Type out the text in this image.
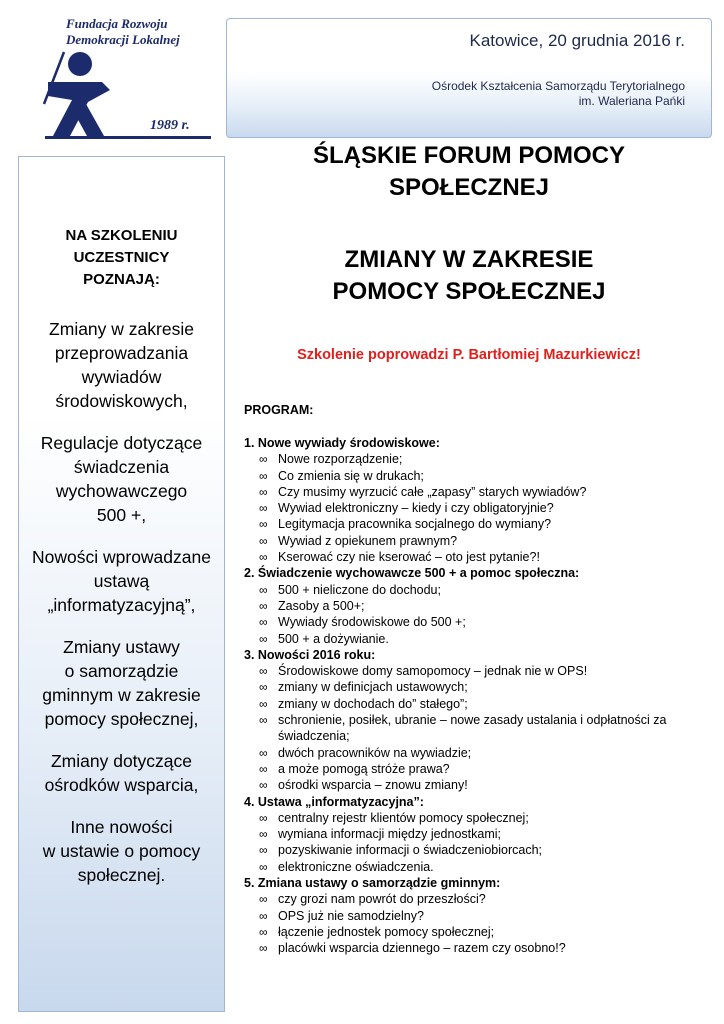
Fundacja Rozwoju
Demokracji Lokalnej
1989 r.
Katowice, 20 grudnia 2016 r.
Ośrodek Kształcenia Samorządu Terytorialnego
im. Waleriana Pańki
NA SZKOLENIU
UCZESTNICY
POZNAJĄ:
Zmiany w zakresie
przeprowadzania
wywiadów
środowiskowych,
Regulacje dotyczące
świadczenia
wychowawczego
500 +,
Nowości wprowadzane
ustawą
„informatyzacyjną”,
Zmiany ustawy
o samorządzie
gminnym w zakresie
pomocy społecznej,
Zmiany dotyczące
ośrodków wsparcia,
Inne nowości
w ustawie o pomocy
społecznej.
ŚLĄSKIE FORUM POMOCY
SPOŁECZNEJ
ZMIANY W ZAKRESIE
POMOCY SPOŁECZNEJ
Szkolenie poprowadzi P. Bartłomiej Mazurkiewicz!
PROGRAM:
1. Nowe wywiady środowiskowe:
∞ Nowe rozporządzenie;
∞ Co zmienia się w drukach;
∞ Czy musimy wyrzucić całe „zapasy” starych wywiadów?
∞ Wywiad elektroniczny – kiedy i czy obligatoryjnie?
∞ Legitymacja pracownika socjalnego do wymiany?
∞ Wywiad z opiekunem prawnym?
∞ Kserować czy nie kserować – oto jest pytanie?!
2. Świadczenie wychowawcze 500 + a pomoc społeczna:
∞ 500 + nieliczone do dochodu;
∞ Zasoby a 500+;
∞ Wywiady środowiskowe do 500 +;
∞ 500 + a dożywianie.
3. Nowości 2016 roku:
∞ Środowiskowe domy samopomocy – jednak nie w OPS!
∞ zmiany w definicjach ustawowych;
∞ zmiany w dochodach do” stałego”;
∞ schronienie, posiłek, ubranie – nowe zasady ustalania i odpłatności za świadczenia;
∞ dwóch pracowników na wywiadzie;
∞ a może pomogą stróże prawa?
∞ ośrodki wsparcia – znowu zmiany!
4. Ustawa „informatyzacyjna”:
∞ centralny rejestr klientów pomocy społecznej;
∞ wymiana informacji między jednostkami;
∞ pozyskiwanie informacji o świadczeniobiorcach;
∞ elektroniczne oświadczenia.
5. Zmiana ustawy o samorządzie gminnym:
∞ czy grozi nam powrót do przeszłości?
∞ OPS już nie samodzielny?
∞ łączenie jednostek pomocy społecznej;
∞ placówki wsparcia dziennego – razem czy osobno!?
